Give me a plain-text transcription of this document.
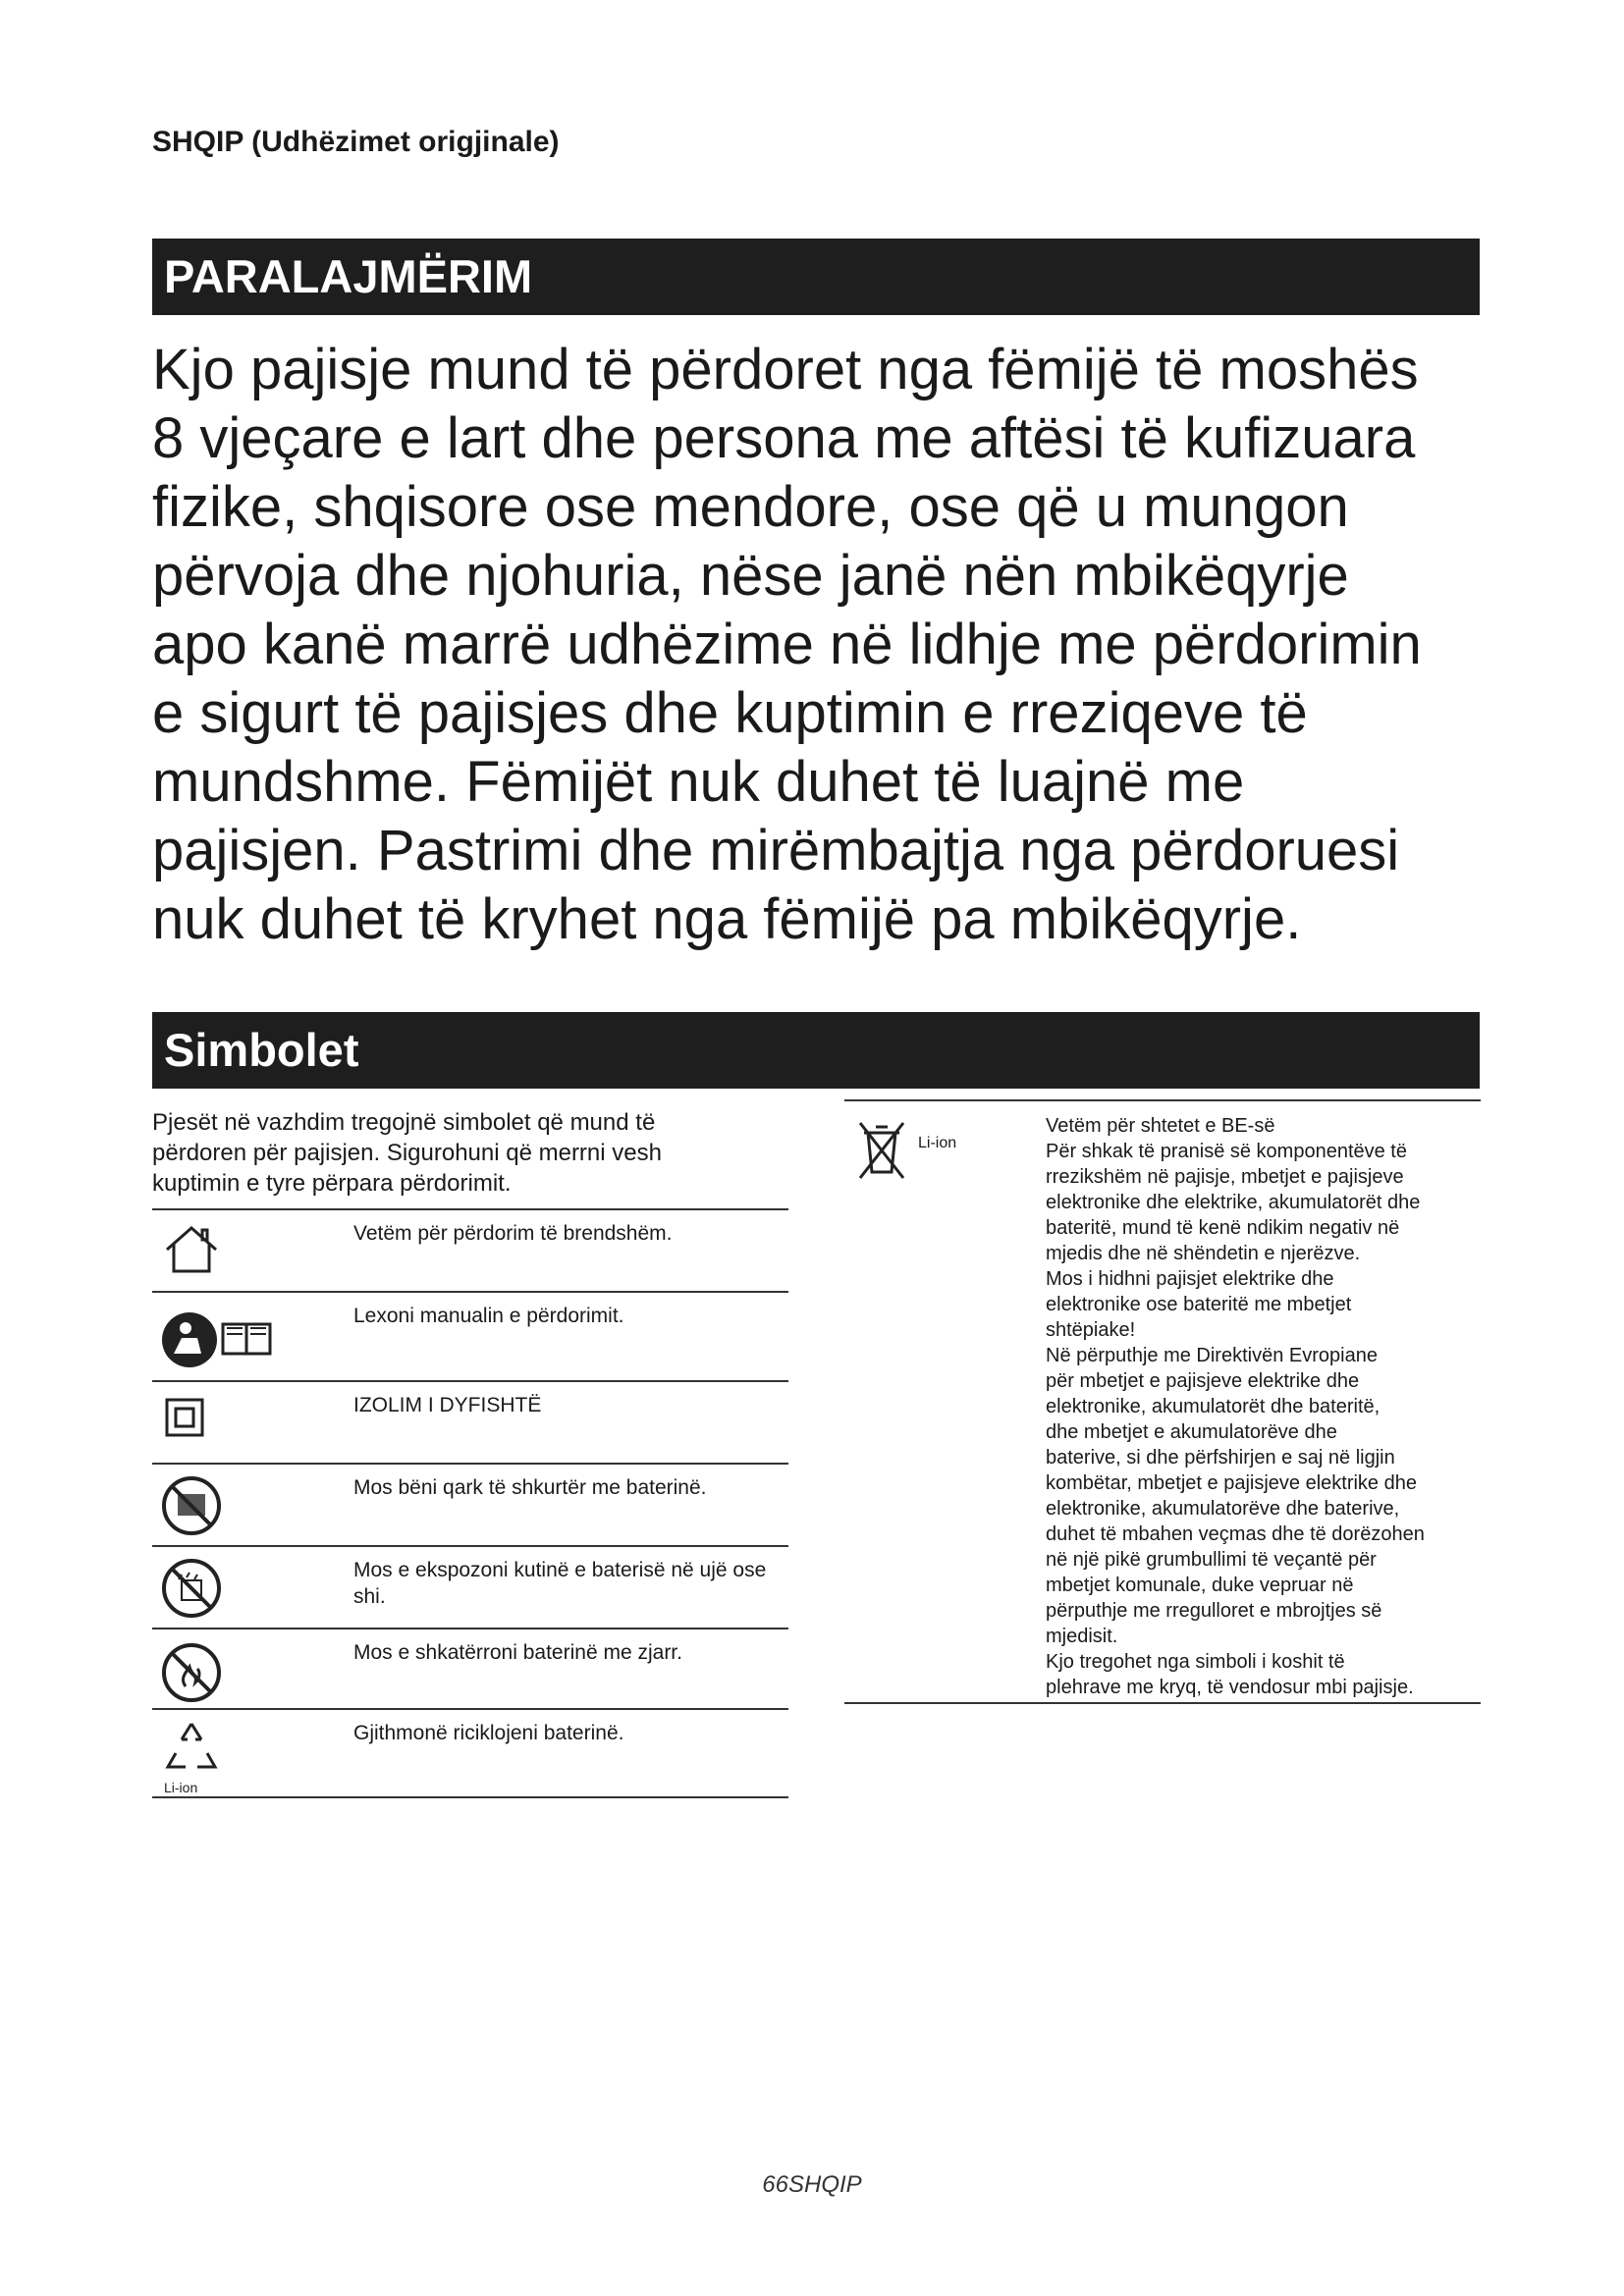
SHQIP (Udhëzimet origjinale)
PARALAJMËRIM
Kjo pajisje mund të përdoret nga fëmijë të moshës
8 vjeçare e lart dhe persona me aftësi të kufizuara
fizike, shqisore ose mendore, ose që u mungon
përvoja dhe njohuria, nëse janë nën mbikëqyrje
apo kanë marrë udhëzime në lidhje me përdorimin
e sigurt të pajisjes dhe kuptimin e rreziqeve të
mundshme. Fëmijët nuk duhet të luajnë me
pajisjen. Pastrimi dhe mirëmbajtja nga përdoruesi
nuk duhet të kryhet nga fëmijë pa mbikëqyrje.
Simbolet
Pjesët në vazhdim tregojnë simbolet që mund të
përdoren për pajisjen. Sigurohuni që merrni vesh
kuptimin e tyre përpara përdorimit.
Vetëm për përdorim të brendshëm.
Lexoni manualin e përdorimit.
IZOLIM I DYFISHTË
Mos bëni qark të shkurtër me baterinë.
Mos e ekspozoni kutinë e baterisë në ujë ose shi.
Mos e shkatërroni baterinë me zjarr.
Li-ion
Gjithmonë riciklojeni baterinë.
Li-ion
Vetëm për shtetet e BE-së
Për shkak të pranisë së komponentëve të
rrezikshëm në pajisje, mbetjet e pajisjeve
elektronike dhe elektrike, akumulatorët dhe
bateritë, mund të kenë ndikim negativ në
mjedis dhe në shëndetin e njerëzve.
Mos i hidhni pajisjet elektrike dhe
elektronike ose bateritë me mbetjet
shtëpiake!
Në përputhje me Direktivën Evropiane
për mbetjet e pajisjeve elektrike dhe
elektronike, akumulatorët dhe bateritë,
dhe mbetjet e akumulatorëve dhe
baterive, si dhe përfshirjen e saj në ligjin
kombëtar, mbetjet e pajisjeve elektrike dhe
elektronike, akumulatorëve dhe baterive,
duhet të mbahen veçmas dhe të dorëzohen
në një pikë grumbullimi të veçantë për
mbetjet komunale, duke vepruar në
përputhje me rregulloret e mbrojtjes së
mjedisit.
Kjo tregohet nga simboli i koshit të
plehrave me kryq, të vendosur mbi pajisje.
66SHQIP
